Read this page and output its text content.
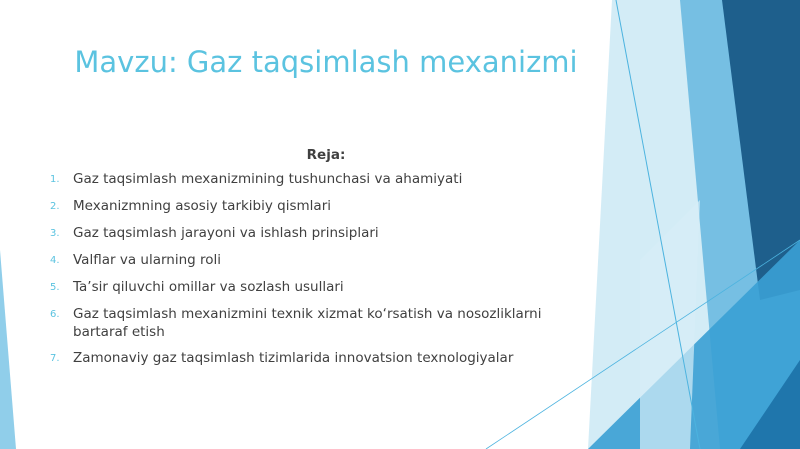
Mavzu: Gaz taqsimlash mexanizmi
Reja:
1. Gaz taqsimlash mexanizmining tushunchasi va ahamiyati
2. Mexanizmning asosiy tarkibiy qismlari
3. Gaz taqsimlash jarayoni va ishlash prinsiplari
4. Valflar va ularning roli
5. Ta’sir qiluvchi omillar va sozlash usullari
6. Gaz taqsimlash mexanizmini texnik xizmat ko‘rsatish va nosozliklarni bartaraf etish
7. Zamonaviy gaz taqsimlash tizimlarida innovatsion texnologiyalar
